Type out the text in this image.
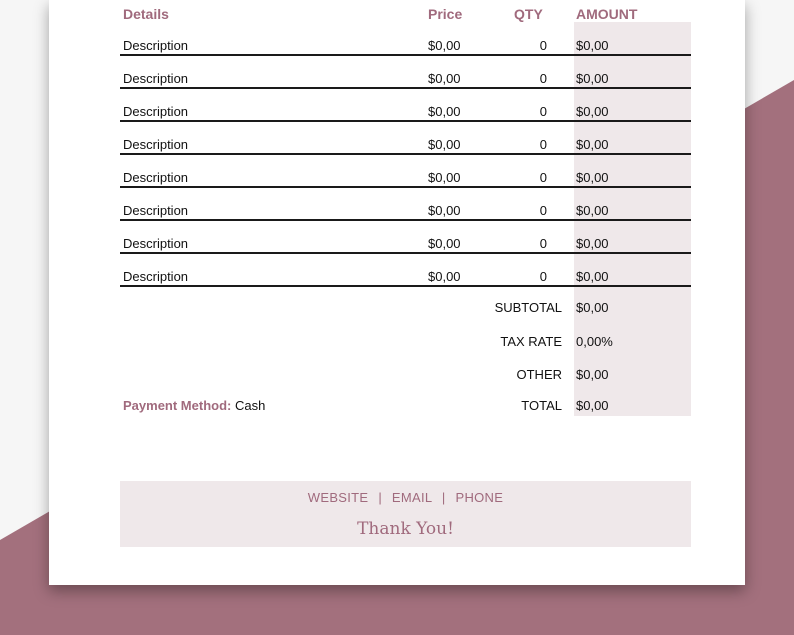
Details	Price	QTY AMOUNT
Description	$0,00	0 $0,00
Description	$0,00	0 $0,00
Description	$0,00	0 $0,00
Description	$0,00	0 $0,00
Description	$0,00	0 $0,00
Description	$0,00	0 $0,00
Description	$0,00	0 $0,00
Description	$0,00	0 $0,00
SUBTOTAL $0,00
TAX RATE 0,00%
OTHER $0,00
TOTAL $0,00
Payment Method: Cash
WEBSITE | EMAIL | PHONE
Thank You!
